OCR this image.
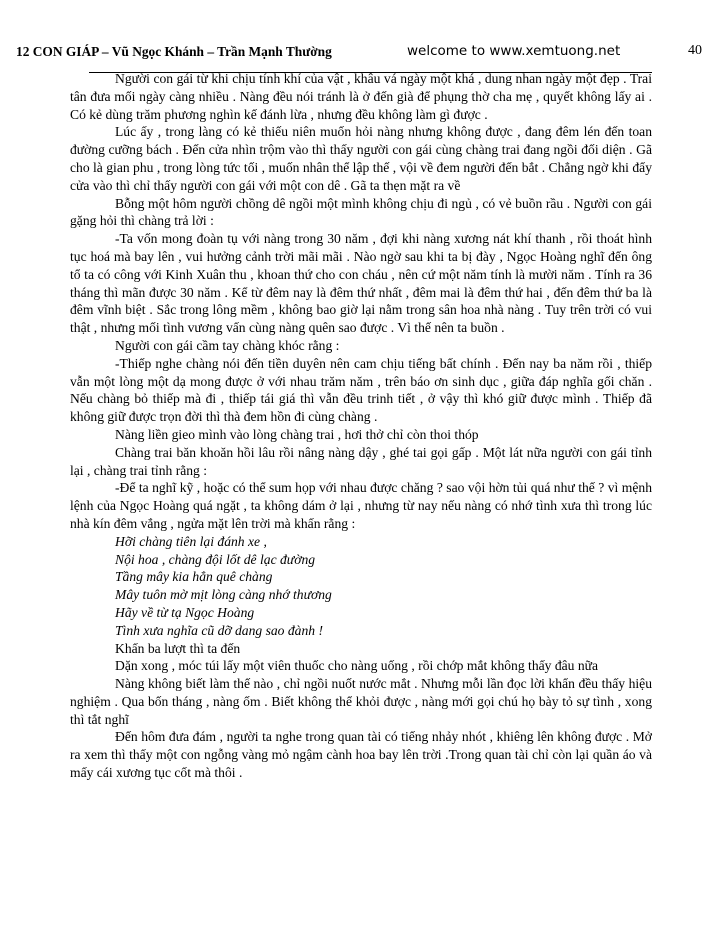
12 CON GIÁP – Vũ Ngọc Khánh – Trần Mạnh Thường	welcome to www.xemtuong.net	40

Người con gái từ khi chịu tính khí của vật , khâu vá ngày một khá , dung nhan ngày một đẹp . Trai tân đưa mối ngày càng nhiều . Nàng đều nói tránh là ở đến già để phụng thờ cha mẹ , quyết không lấy ai . Có kẻ dùng trăm phương nghìn kế đánh lừa , nhưng đều không làm gì được .

Lúc ấy , trong làng có kẻ thiếu niên muốn hỏi nàng nhưng không được , đang đêm lén đến toan đường cưỡng bách . Đến cửa nhìn trộm vào thì thấy người con gái cùng chàng trai đang ngồi đối diện . Gã cho là gian phu , trong lòng tức tối , muốn nhân thể lập thế , vội về đem người đến bắt . Chẳng ngờ khi đẩy cửa vào thì chỉ thấy người con gái với một con dê . Gã ta thẹn mặt ra về

Bỗng một hôm người chồng dê ngồi một mình không chịu đi ngủ , có vẻ buồn rầu . Người con gái gặng hỏi thì chàng trả lời :

-Ta vốn mong đoàn tụ với nàng trong 30 năm , đợi khi nàng xương nát khí thanh , rồi thoát hình tục hoá mà bay lên , vui hưởng cảnh trời mãi mãi . Nào ngờ sau khi ta bị đày , Ngọc Hoàng nghĩ đến ông tổ ta có công với Kinh Xuân thu , khoan thứ cho con cháu , nên cứ một năm tính là mười năm . Tính ra 36 tháng thì mãn được 30 năm . Kể từ đêm nay là đêm thứ nhất , đêm mai là đêm thứ hai , đến đêm thứ ba là đêm vĩnh biệt . Sắc trong lông mềm , không bao giờ lại nằm trong sân hoa nhà nàng . Tuy trên trời có vui thật , nhưng mối tình vương vấn cùng nàng quên sao được . Vì thế nên ta buồn .

Người con gái cầm tay chàng khóc rằng :

-Thiếp nghe chàng nói đến tiền duyên nên cam chịu tiếng bất chính . Đến nay ba năm rồi , thiếp vẫn một lòng một dạ mong được ở với nhau trăm năm , trên báo ơn sinh dục , giữa đáp nghĩa gối chăn . Nếu chàng bỏ thiếp mà đi , thiếp tái giá thì vẫn đều trinh tiết , ở vậy thì khó giữ được mình . Thiếp đã không giữ được trọn đời thì thà đem hồn đi cùng chàng .

Nàng liền gieo mình vào lòng chàng trai , hơi thở chỉ còn thoi thóp

Chàng trai băn khoăn hồi lâu rồi nâng nàng dậy , ghé tai gọi gấp . Một lát nữa người con gái tỉnh lại , chàng trai tỉnh rằng :

-Để ta nghĩ kỹ , hoặc có thể sum họp với nhau được chăng ? sao vội hờn tủi quá như thế ? vì mệnh lệnh của Ngọc Hoàng quá ngặt , ta không dám ở lại , nhưng từ nay nếu nàng có nhớ tình xưa thì trong lúc nhà kín đêm vắng , ngửa mặt lên trời mà khấn rằng :

Hỡi chàng tiên lại đánh xe ,

Nội hoa , chàng đội lốt dê lạc đường

Tầng mây kia hẳn quê chàng

Mây tuôn mờ mịt lòng càng nhớ thương

Hãy về từ tạ Ngọc Hoàng

Tình xưa nghĩa cũ dỡ dang sao đành !

Khấn ba lượt thì ta đến

Dặn xong , móc túi lấy một viên thuốc cho nàng uống , rồi chớp mắt không thấy đâu nữa

Nàng không biết làm thế nào , chỉ ngồi nuốt nước mắt . Nhưng mỗi lần đọc lời khẩn đều thấy hiệu nghiệm . Qua bốn tháng , nàng ốm . Biết không thể khỏi được , nàng mới gọi chú họ bày tỏ sự tình , xong thì tắt nghĩ

Đến hôm đưa đám , người ta nghe trong quan tài có tiếng nhảy nhót , khiêng lên không được . Mở ra xem thì thấy một con ngỗng vàng mỏ ngậm cành hoa bay lên trời .Trong quan tài chỉ còn lại quần áo và mấy cái xương tục cốt mà thôi .
